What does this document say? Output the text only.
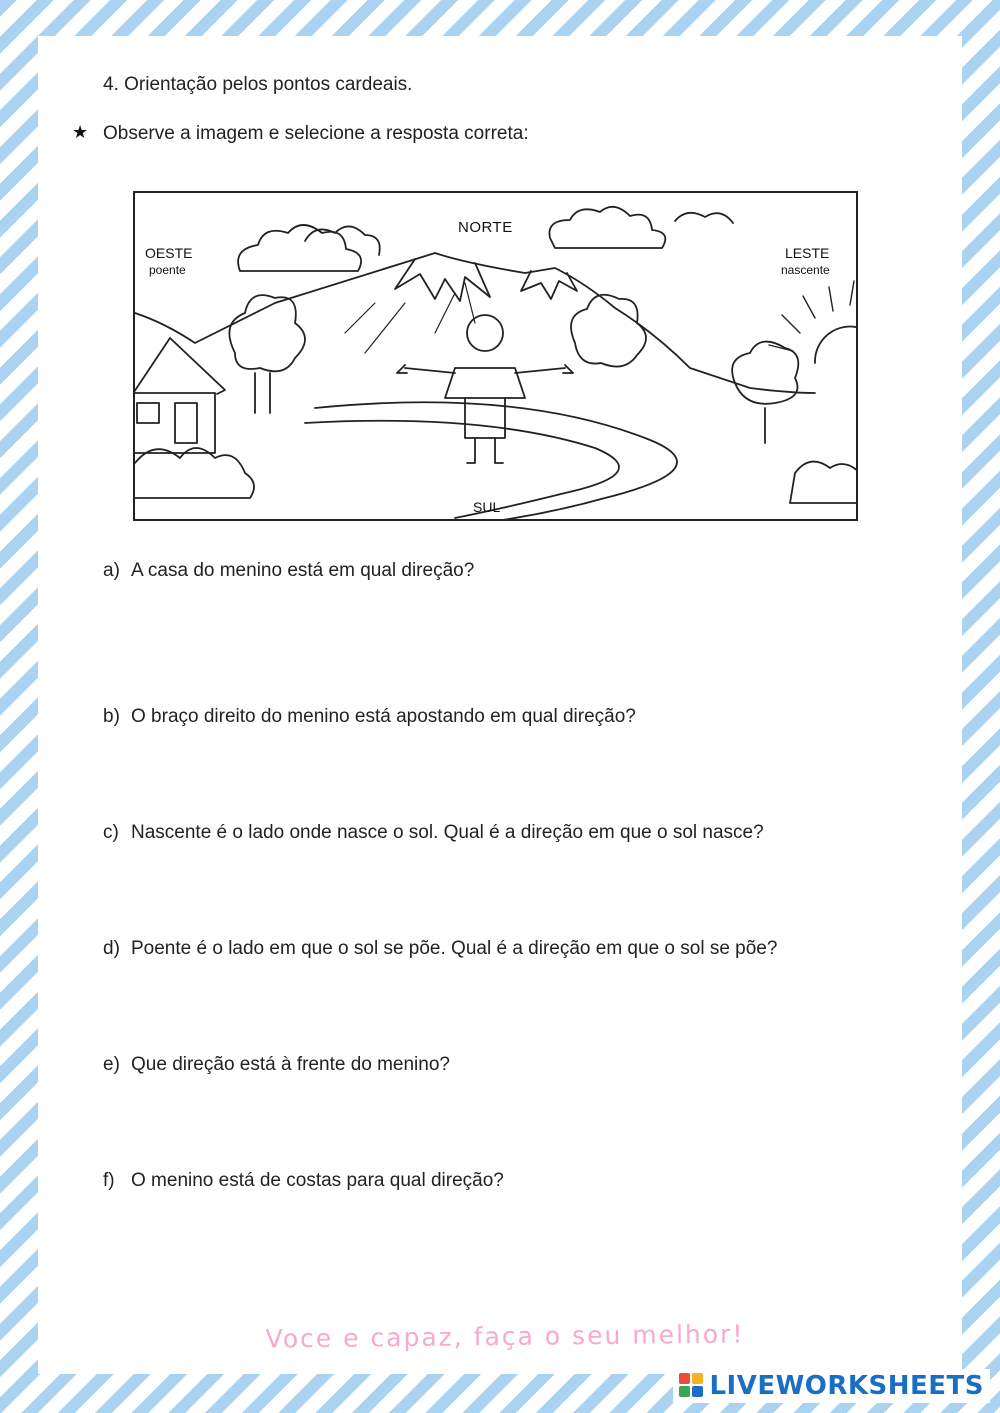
4. Orientação pelos pontos cardeais.
★ Observe a imagem e selecione a resposta correta:
NORTE
OESTE
poente
LESTE
nascente
SUL
a) A casa do menino está em qual direção?
b) O braço direito do menino está apostando em qual direção?
c) Nascente é o lado onde nasce o sol. Qual é a direção em que o sol nasce?
d) Poente é o lado em que o sol se põe. Qual é a direção em que o sol se põe?
e) Que direção está à frente do menino?
f) O menino está de costas para qual direção?
Voce e capaz, faça o seu melhor!
LIVEWORKSHEETS
